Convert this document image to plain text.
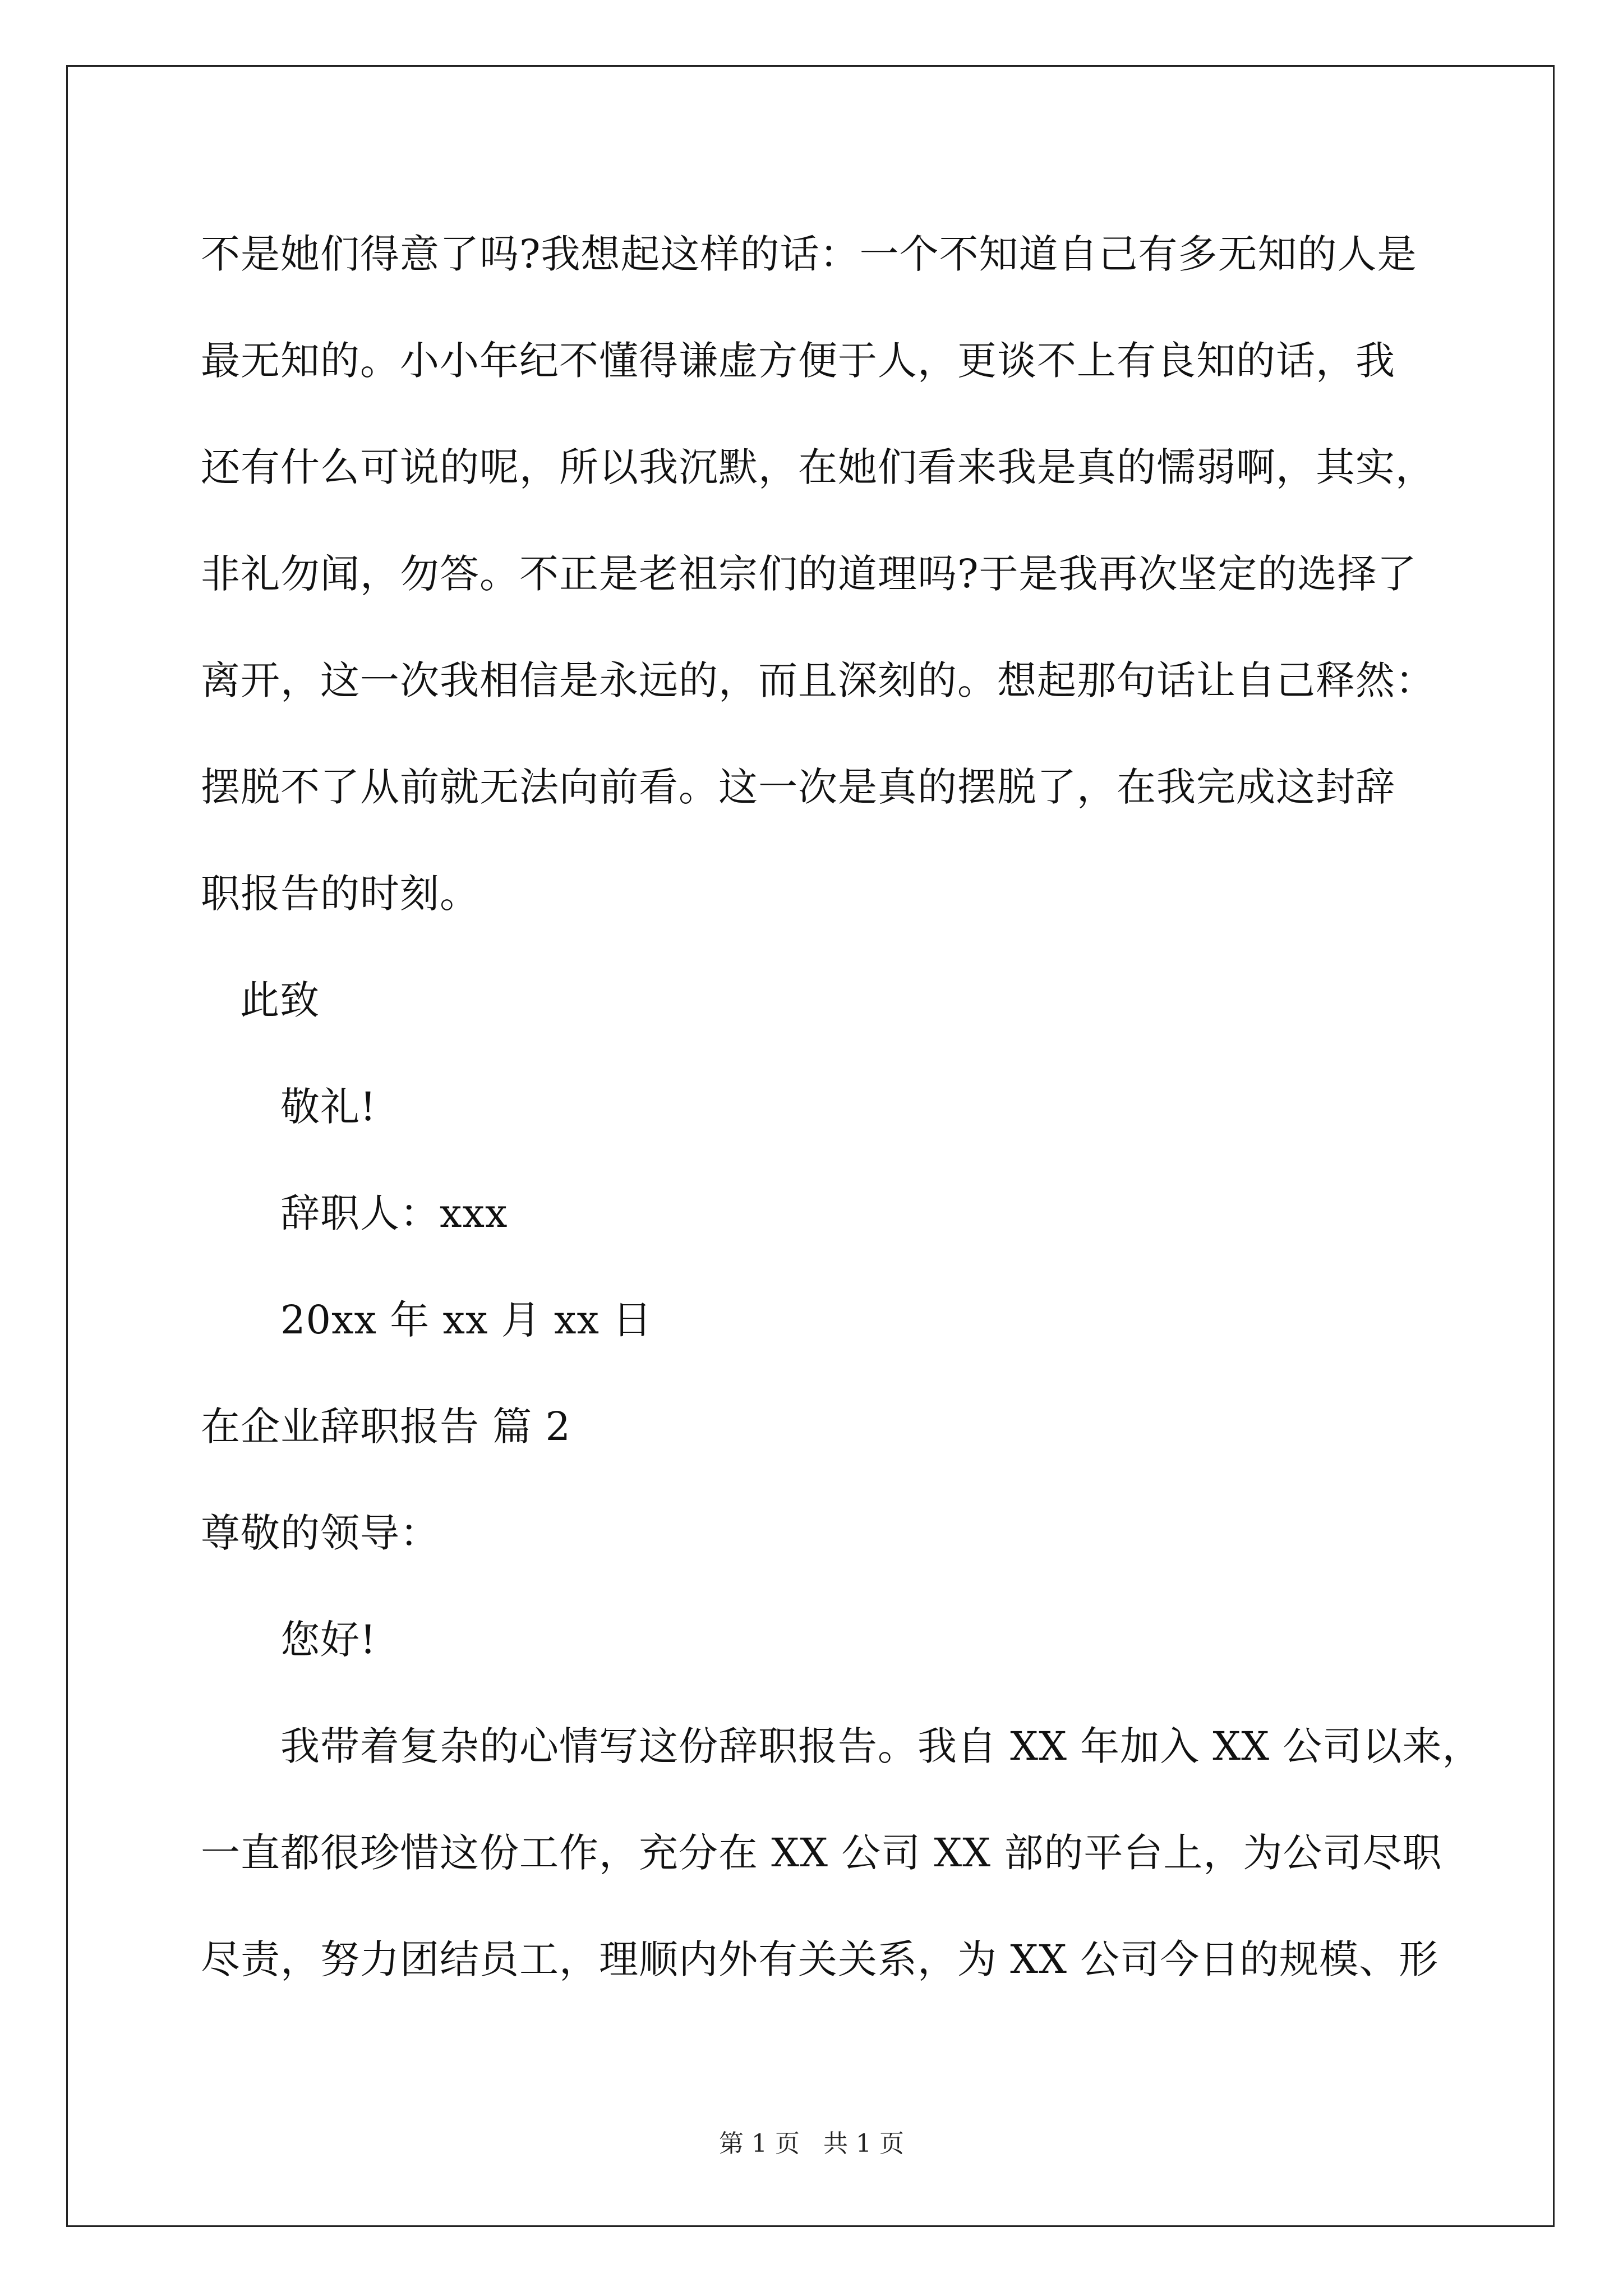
不是她们得意了吗?我想起这样的话：一个不知道自己有多无知的人是
最无知的。小小年纪不懂得谦虚方便于人，更谈不上有良知的话，我
还有什么可说的呢，所以我沉默，在她们看来我是真的懦弱啊，其实，
非礼勿闻，勿答。不正是老祖宗们的道理吗?于是我再次坚定的选择了
离开，这一次我相信是永远的，而且深刻的。想起那句话让自己释然：
摆脱不了从前就无法向前看。这一次是真的摆脱了，在我完成这封辞
职报告的时刻。
此致
敬礼!
辞职人：xxx
20xx 年 xx 月 xx 日
在企业辞职报告 篇 2
尊敬的领导：
您好!
我带着复杂的心情写这份辞职报告。我自 XX 年加入 XX 公司以来，
一直都很珍惜这份工作，充分在 XX 公司 XX 部的平台上，为公司尽职
尽责，努力团结员工，理顺内外有关关系，为 XX 公司今日的规模、形
第 1 页   共 1 页
